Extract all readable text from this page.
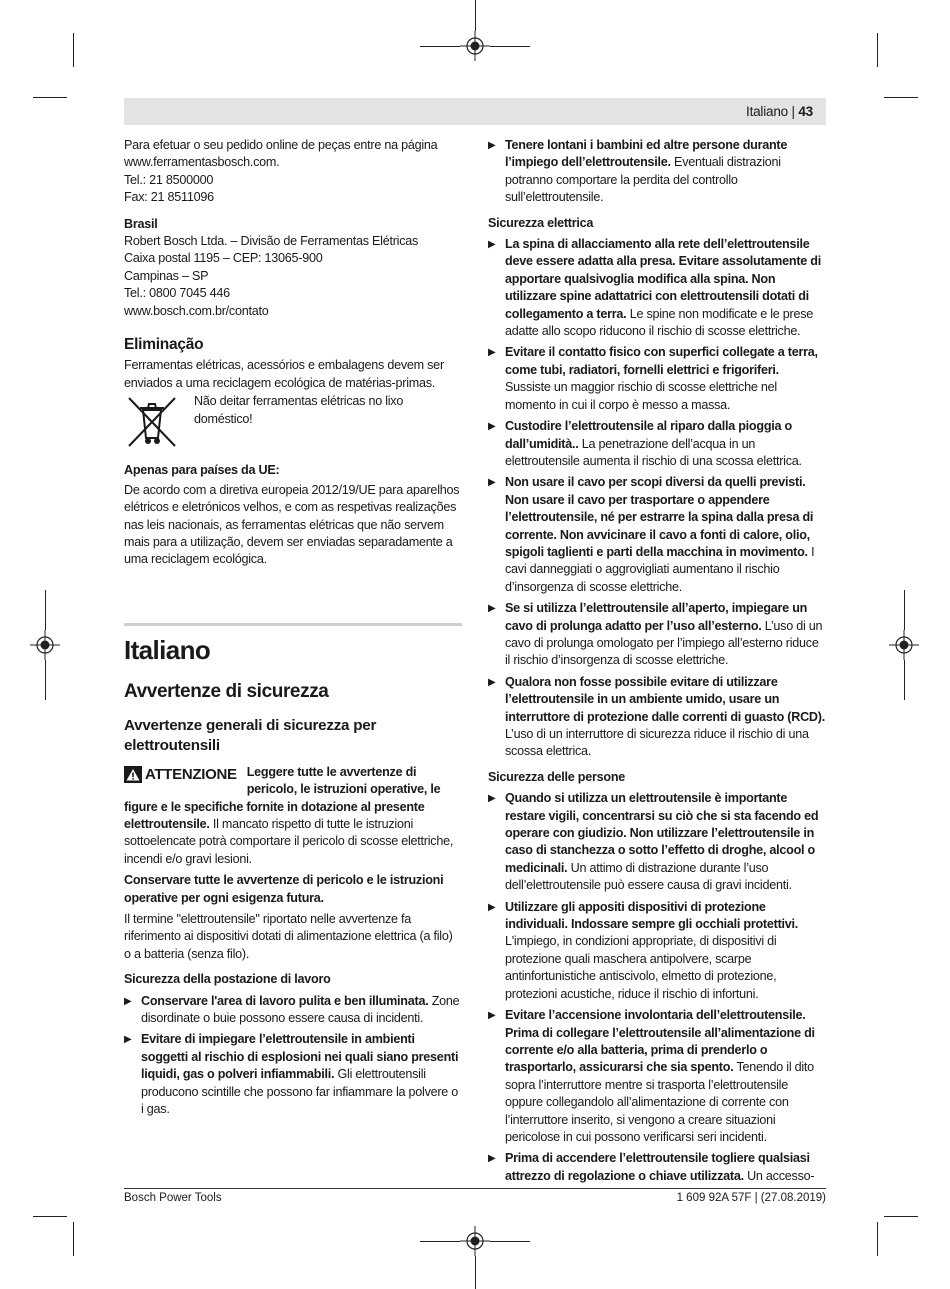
Italiano | 43

Para efetuar o seu pedido online de peças entre na página

www.ferramentasbosch.com.

Tel.: 21 8500000

Fax: 21 8511096

Brasil

Robert Bosch Ltda. – Divisão de Ferramentas Elétricas

Caixa postal 1195 – CEP: 13065-900

Campinas – SP

Tel.: 0800 7045 446

www.bosch.com.br/contato

Eliminação

Ferramentas elétricas, acessórios e embalagens devem ser enviados a uma reciclagem ecológica de matérias-primas.

Não deitar ferramentas elétricas no lixo doméstico!

Apenas para países da UE:

De acordo com a diretiva europeia 2012/19/UE para aparelhos elétricos e eletrónicos velhos, e com as respetivas realizações nas leis nacionais, as ferramentas elétricas que não servem mais para a utilização, devem ser enviadas separadamente a uma reciclagem ecológica.

Italiano

Avvertenze di sicurezza

Avvertenze generali di sicurezza per elettroutensili

ATTENZIONE Leggere tutte le avvertenze di pericolo, le istruzioni operative, le figure e le specifiche fornite in dotazione al presente elettroutensile. Il mancato rispetto di tutte le istruzioni sottoelencate potrà comportare il pericolo di scosse elettriche, incendi e/o gravi lesioni.

Conservare tutte le avvertenze di pericolo e le istruzioni operative per ogni esigenza futura.

Il termine "elettroutensile" riportato nelle avvertenze fa riferimento ai dispositivi dotati di alimentazione elettrica (a filo) o a batteria (senza filo).

Sicurezza della postazione di lavoro

▶ Conservare l'area di lavoro pulita e ben illuminata. Zone disordinate o buie possono essere causa di incidenti.

▶ Evitare di impiegare l’elettroutensile in ambienti soggetti al rischio di esplosioni nei quali siano presenti liquidi, gas o polveri infiammabili. Gli elettroutensili producono scintille che possono far infiammare la polvere o i gas.

▶ Tenere lontani i bambini ed altre persone durante l’impiego dell’elettroutensile. Eventuali distrazioni potranno comportare la perdita del controllo sull’elettroutensile.

Sicurezza elettrica

▶ La spina di allacciamento alla rete dell’elettroutensile deve essere adatta alla presa. Evitare assolutamente di apportare qualsivoglia modifica alla spina. Non utilizzare spine adattatrici con elettroutensili dotati di collegamento a terra. Le spine non modificate e le prese adatte allo scopo riducono il rischio di scosse elettriche.

▶ Evitare il contatto fisico con superfici collegate a terra, come tubi, radiatori, fornelli elettrici e frigoriferi. Sussiste un maggior rischio di scosse elettriche nel momento in cui il corpo è messo a massa.

▶ Custodire l’elettroutensile al riparo dalla pioggia o dall’umidità.. La penetrazione dell’acqua in un elettroutensile aumenta il rischio di una scossa elettrica.

▶ Non usare il cavo per scopi diversi da quelli previsti. Non usare il cavo per trasportare o appendere l’elettroutensile, né per estrarre la spina dalla presa di corrente. Non avvicinare il cavo a fonti di calore, olio, spigoli taglienti e parti della macchina in movimento. I cavi danneggiati o aggrovigliati aumentano il rischio d’insorgenza di scosse elettriche.

▶ Se si utilizza l’elettroutensile all’aperto, impiegare un cavo di prolunga adatto per l’uso all’esterno. L’uso di un cavo di prolunga omologato per l’impiego all’esterno riduce il rischio d’insorgenza di scosse elettriche.

▶ Qualora non fosse possibile evitare di utilizzare l’elettroutensile in un ambiente umido, usare un interruttore di protezione dalle correnti di guasto (RCD). L’uso di un interruttore di sicurezza riduce il rischio di una scossa elettrica.

Sicurezza delle persone

▶ Quando si utilizza un elettroutensile è importante restare vigili, concentrarsi su ciò che si sta facendo ed operare con giudizio. Non utilizzare l’elettroutensile in caso di stanchezza o sotto l’effetto di droghe, alcool o medicinali. Un attimo di distrazione durante l’uso dell’elettroutensile può essere causa di gravi incidenti.

▶ Utilizzare gli appositi dispositivi di protezione individuali. Indossare sempre gli occhiali protettivi. L'impiego, in condizioni appropriate, di dispositivi di protezione quali maschera antipolvere, scarpe antinfortunistiche antiscivolo, elmetto di protezione, protezioni acustiche, riduce il rischio di infortuni.

▶ Evitare l’accensione involontaria dell’elettroutensile. Prima di collegare l’elettroutensile all’alimentazione di corrente e/o alla batteria, prima di prenderlo o trasportarlo, assicurarsi che sia spento. Tenendo il dito sopra l’interruttore mentre si trasporta l’elettroutensile oppure collegandolo all’alimentazione di corrente con l’interruttore inserito, si vengono a creare situazioni pericolose in cui possono verificarsi seri incidenti.

▶ Prima di accendere l’elettroutensile togliere qualsiasi attrezzo di regolazione o chiave utilizzata. Un accesso-

Bosch Power Tools	1 609 92A 57F | (27.08.2019)
